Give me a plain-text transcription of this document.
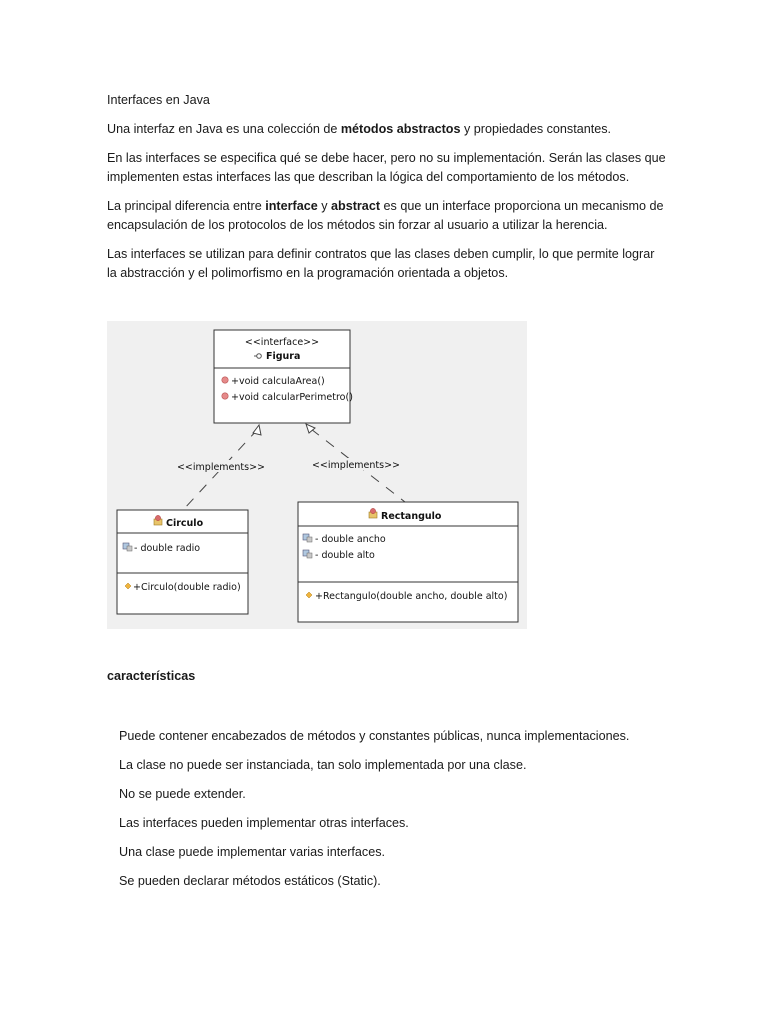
Interfaces en Java

Una interfaz en Java es una colección de métodos abstractos y propiedades constantes.

En las interfaces se especifica qué se debe hacer, pero no su implementación. Serán las clases que implementen estas interfaces las que describan la lógica del comportamiento de los métodos.

La principal diferencia entre interface y abstract es que un interface proporciona un mecanismo de encapsulación de los protocolos de los métodos sin forzar al usuario a utilizar la herencia.

Las interfaces se utilizan para definir contratos que las clases deben cumplir, lo que permite lograr la abstracción y el polimorfismo en la programación orientada a objetos.

<<interface>>
Figura
+void calculaArea()
+void calcularPerimetro()
<<implements>>	<<implements>>
Circulo
- double radio
+Circulo(double radio)
Rectangulo
- double ancho
- double alto
+Rectangulo(double ancho, double alto)

características

Puede contener encabezados de métodos y constantes públicas, nunca implementaciones.
La clase no puede ser instanciada, tan solo implementada por una clase.
No se puede extender.
Las interfaces pueden implementar otras interfaces.
Una clase puede implementar varias interfaces.
Se pueden declarar métodos estáticos (Static).
